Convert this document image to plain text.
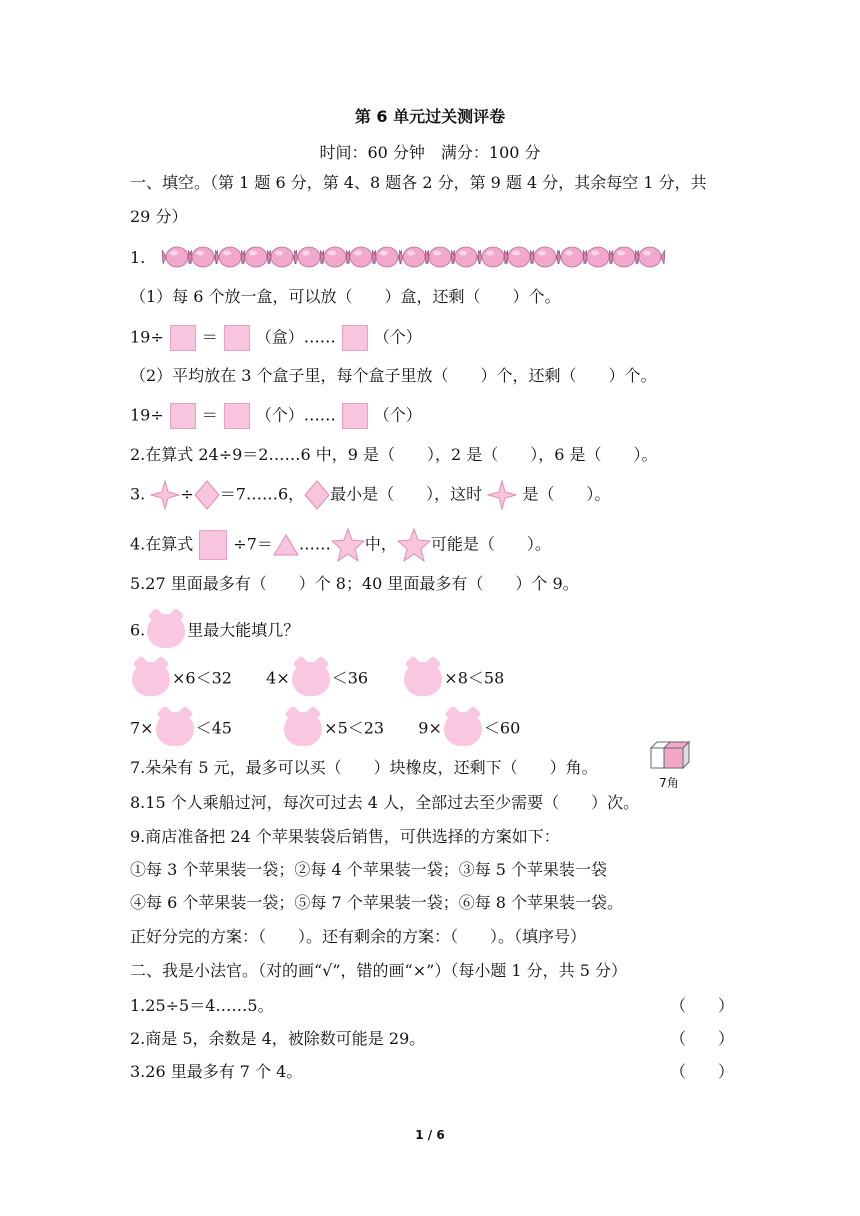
第 6 单元过关测评卷
时间：60 分钟　满分：100 分
一、填空。（第 1 题 6 分，第 4、8 题各 2 分，第 9 题 4 分，其余每空 1 分，共
29 分）
1.
（1）每 6 个放一盒，可以放（　　）盒，还剩（　　）个。
19÷ ＝ （盒）…… （个）
（2）平均放在 3 个盒子里，每个盒子里放（　　）个，还剩（　　）个。
19÷ ＝ （个）…… （个）
2.在算式 24÷9＝2……6 中，9 是（　　），2 是（　　），6 是（　　）。
3. ÷ ＝7……6， 最小是（　　），这时	是（　　）。
4.在算式	÷7＝ …… 中， 可能是（　　）。
5.27 里面最多有（　　）个 8；40 里面最多有（　　）个 9。
6.	里最大能填几？
×6＜32 4×	＜36	×8＜58
7×	＜45	×5＜23 9×	＜60
7.朵朵有 5 元，最多可以买（　　）块橡皮，还剩下（　　）角。
7角
8.15 个人乘船过河，每次可过去 4 人，全部过去至少需要（　　）次。
9.商店准备把 24 个苹果装袋后销售，可供选择的方案如下：
①每 3 个苹果装一袋；②每 4 个苹果装一袋；③每 5 个苹果装一袋
④每 6 个苹果装一袋；⑤每 7 个苹果装一袋；⑥每 8 个苹果装一袋。
正好分完的方案：（　　）。还有剩余的方案：（　　）。（填序号）
二、我是小法官。（对的画“√”，错的画“×”）（每小题 1 分，共 5 分）
1.25÷5＝4……5。	（　　）
2.商是 5，余数是 4，被除数可能是 29。	（　　）
3.26 里最多有 7 个 4。	（　　）
1 / 6
